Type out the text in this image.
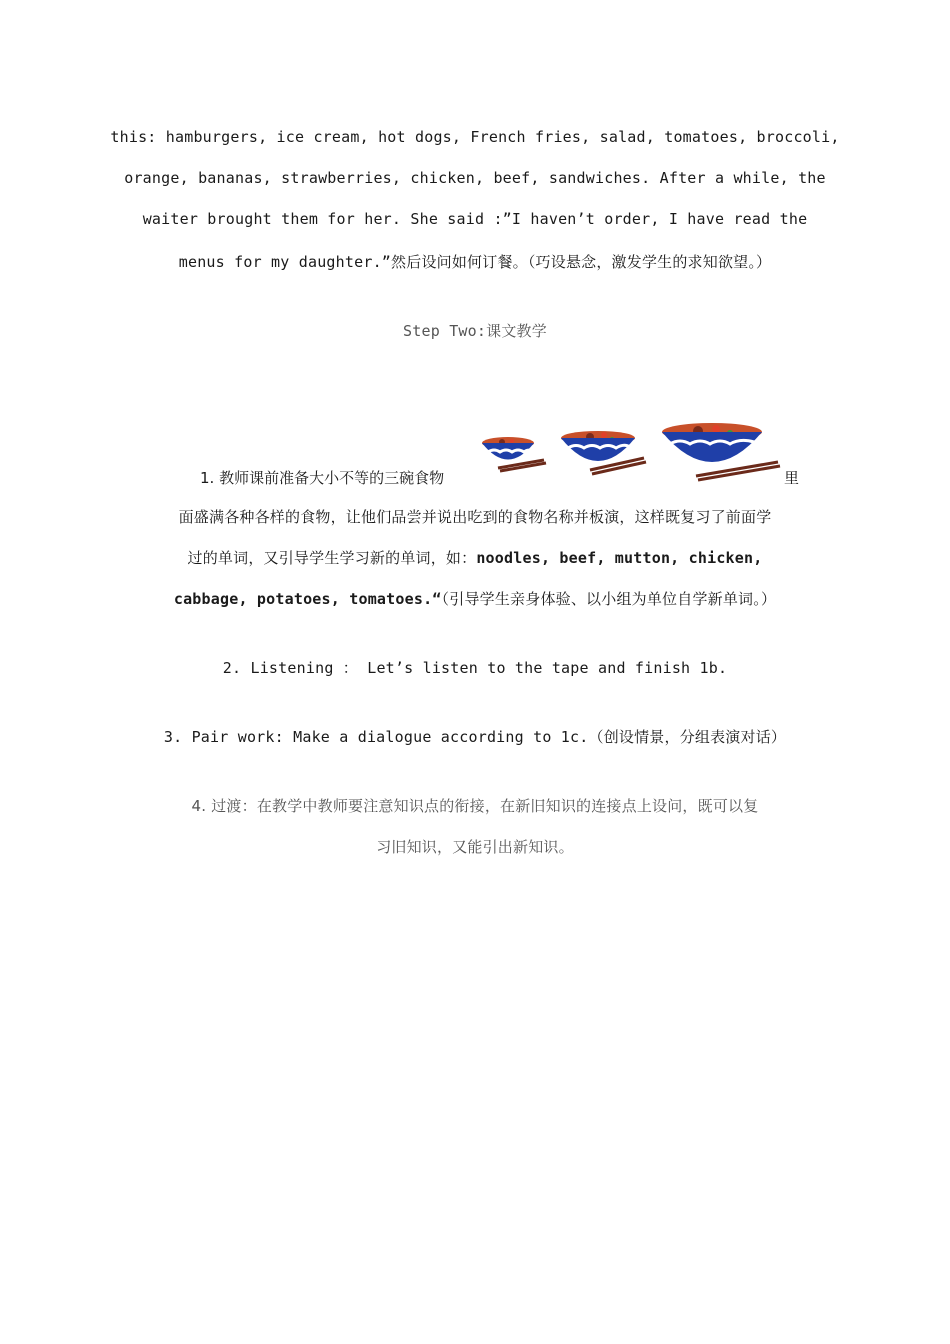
this: hamburgers, ice cream, hot dogs, French fries, salad, tomatoes, broccoli,
orange, bananas, strawberries, chicken, beef, sandwiches. After a while, the
waiter brought them for her. She said :”I haven’t order, I have read the
menus for my daughter.”然后设问如何订餐。（巧设悬念，激发学生的求知欲望。）
Step Two:课文教学
1. 教师课前准备大小不等的三碗食物	里
面盛满各种各样的食物，让他们品尝并说出吃到的食物名称并板演，这样既复习了前面学
过的单词，又引导学生学习新的单词，如：noodles, beef, mutton, chicken,
cabbage, potatoes, tomatoes.“（引导学生亲身体验、以小组为单位自学新单词。）
2. Listening ： Let’s listen to the tape and finish 1b.
3. Pair work: Make a dialogue according to 1c.（创设情景，分组表演对话）
4. 过渡：在教学中教师要注意知识点的衔接，在新旧知识的连接点上设问，既可以复
习旧知识，又能引出新知识。
